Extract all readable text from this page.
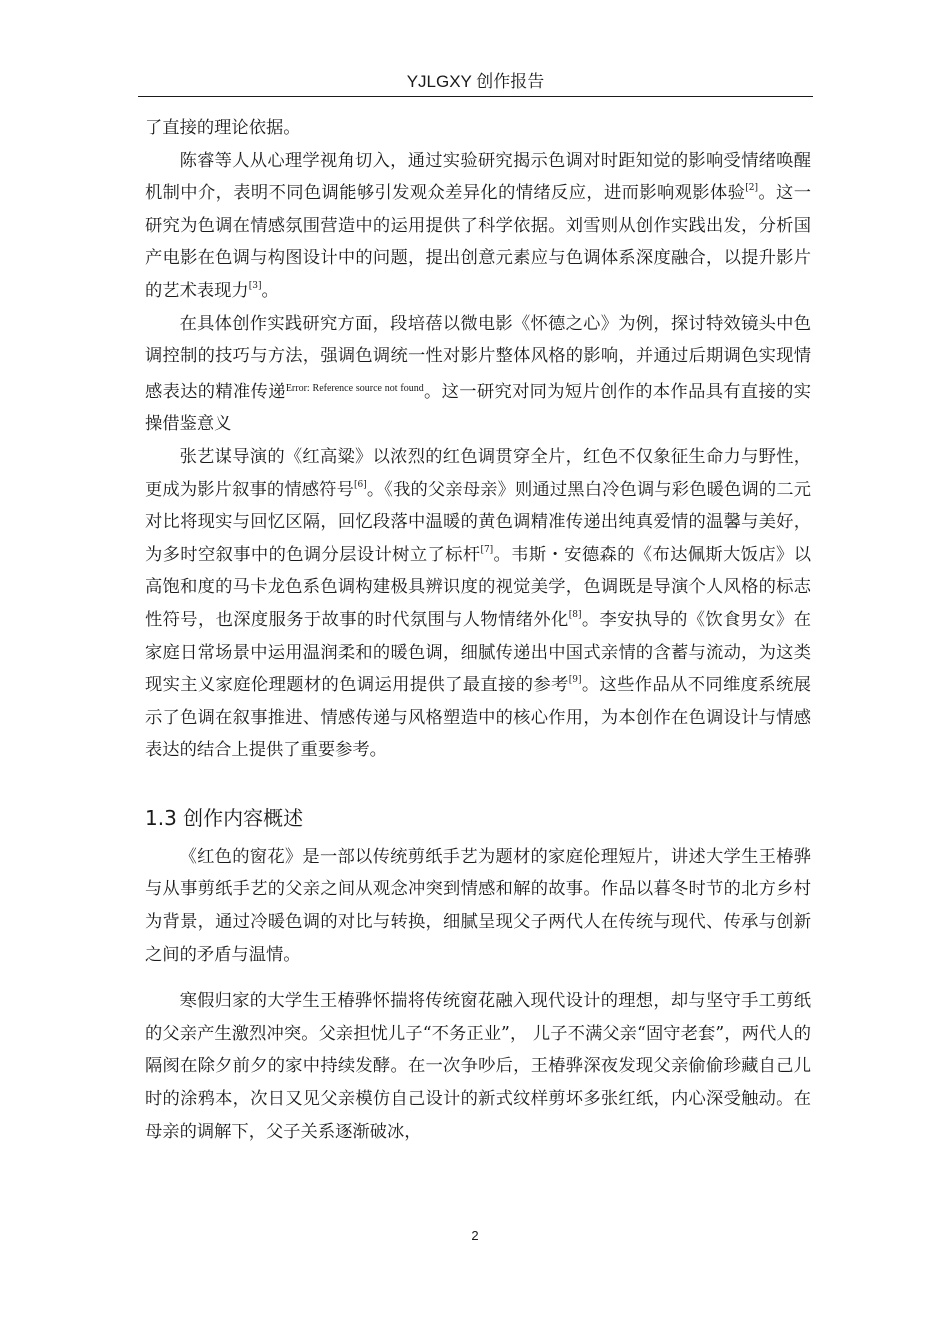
YJLGXY 创作报告

了直接的理论依据。

陈睿等人从心理学视角切入，通过实验研究揭示色调对时距知觉的影响受情绪唤醒机制中介，表明不同色调能够引发观众差异化的情绪反应，进而影响观影体验[2]。这一研究为色调在情感氛围营造中的运用提供了科学依据。刘雪则从创作实践出发，分析国产电影在色调与构图设计中的问题，提出创意元素应与色调体系深度融合，以提升影片的艺术表现力[3]。

在具体创作实践研究方面，段培蓓以微电影《怀德之心》为例，探讨特效镜头中色调控制的技巧与方法，强调色调统一性对影片整体风格的影响，并通过后期调色实现情感表达的精准传递$^{Error: Reference source not found}$。这一研究对同为短片创作的本作品具有直接的实操借鉴意义

张艺谋导演的《红高粱》以浓烈的红色调贯穿全片，红色不仅象征生命力与野性，更成为影片叙事的情感符号[6]。《我的父亲母亲》则通过黑白冷色调与彩色暖色调的二元对比将现实与回忆区隔，回忆段落中温暖的黄色调精准传递出纯真爱情的温馨与美好，为多时空叙事中的色调分层设计树立了标杆[7]。韦斯・安德森的《布达佩斯大饭店》以高饱和度的马卡龙色系色调构建极具辨识度的视觉美学，色调既是导演个人风格的标志性符号，也深度服务于故事的时代氛围与人物情绪外化[8]。李安执导的《饮食男女》在家庭日常场景中运用温润柔和的暖色调，细腻传递出中国式亲情的含蓄与流动，为这类现实主义家庭伦理题材的色调运用提供了最直接的参考[9]。这些作品从不同维度系统展示了色调在叙事推进、情感传递与风格塑造中的核心作用，为本创作在色调设计与情感表达的结合上提供了重要参考。

1.3 创作内容概述

《红色的窗花》是一部以传统剪纸手艺为题材的家庭伦理短片，讲述大学生王椿骅与从事剪纸手艺的父亲之间从观念冲突到情感和解的故事。作品以暮冬时节的北方乡村为背景，通过冷暖色调的对比与转换，细腻呈现父子两代人在传统与现代、传承与创新之间的矛盾与温情。

寒假归家的大学生王椿骅怀揣将传统窗花融入现代设计的理想，却与坚守手工剪纸的父亲产生激烈冲突。父亲担忧儿子“不务正业”， 儿子不满父亲“固守老套”，两代人的隔阂在除夕前夕的家中持续发酵。在一次争吵后，王椿骅深夜发现父亲偷偷珍藏自己儿时的涂鸦本，次日又见父亲模仿自己设计的新式纹样剪坏多张红纸，内心深受触动。在母亲的调解下，父子关系逐渐破冰，

2
